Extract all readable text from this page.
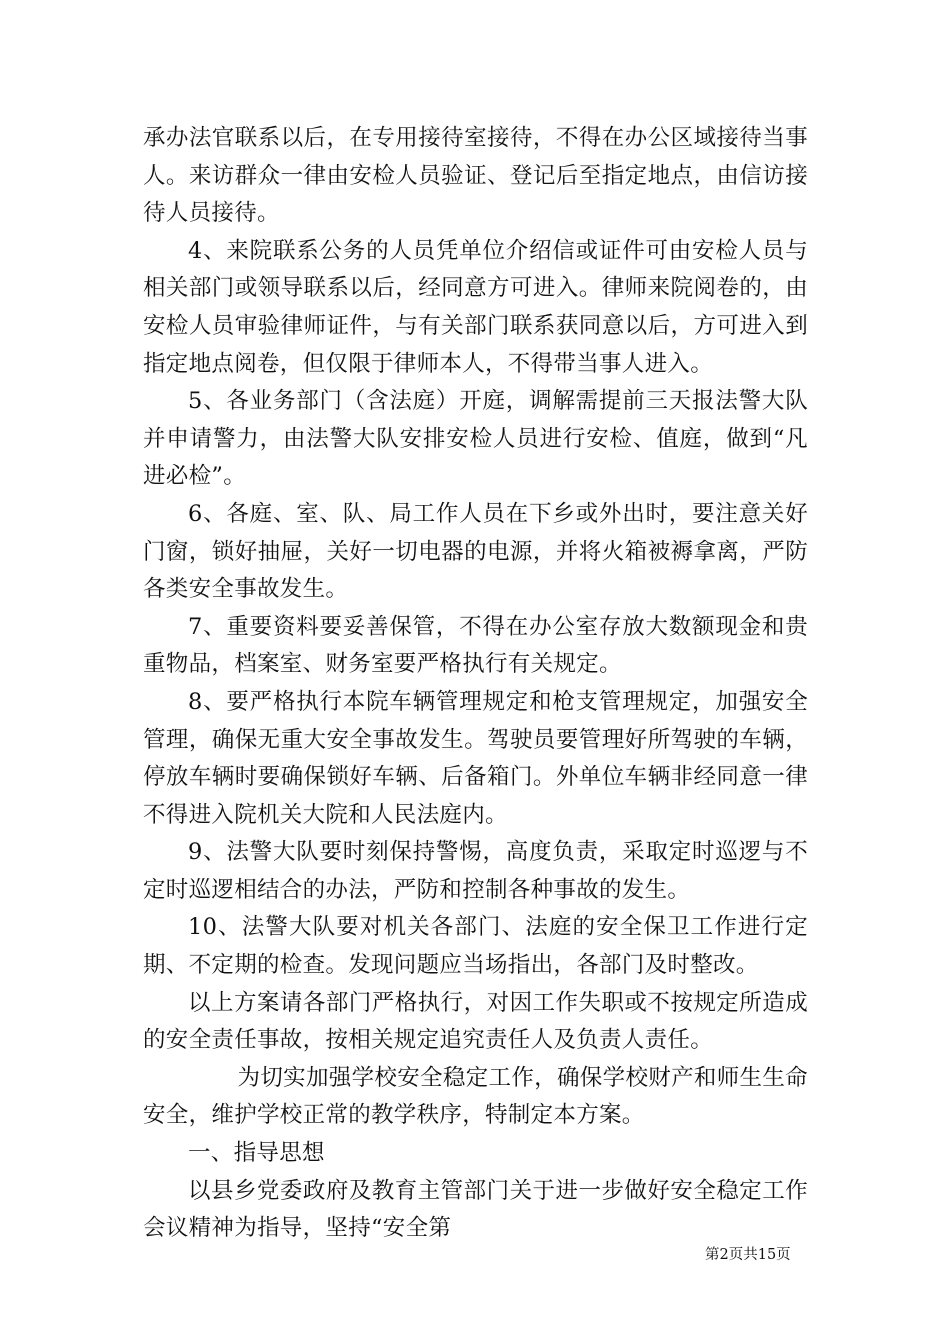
承办法官联系以后，在专用接待室接待，不得在办公区域接待当事人。来访群众一律由安检人员验证、登记后至指定地点，由信访接待人员接待。

4、来院联系公务的人员凭单位介绍信或证件可由安检人员与相关部门或领导联系以后，经同意方可进入。律师来院阅卷的，由安检人员审验律师证件，与有关部门联系获同意以后，方可进入到指定地点阅卷，但仅限于律师本人，不得带当事人进入。

5、各业务部门（含法庭）开庭，调解需提前三天报法警大队并申请警力，由法警大队安排安检人员进行安检、值庭，做到“凡进必检”。

6、各庭、室、队、局工作人员在下乡或外出时，要注意关好门窗，锁好抽屉，关好一切电器的电源，并将火箱被褥拿离，严防各类安全事故发生。

7、重要资料要妥善保管，不得在办公室存放大数额现金和贵重物品，档案室、财务室要严格执行有关规定。

8、要严格执行本院车辆管理规定和枪支管理规定，加强安全管理，确保无重大安全事故发生。驾驶员要管理好所驾驶的车辆，停放车辆时要确保锁好车辆、后备箱门。外单位车辆非经同意一律不得进入院机关大院和人民法庭内。

9、法警大队要时刻保持警惕，高度负责，采取定时巡逻与不定时巡逻相结合的办法，严防和控制各种事故的发生。

10、法警大队要对机关各部门、法庭的安全保卫工作进行定期、不定期的检查。发现问题应当场指出，各部门及时整改。

以上方案请各部门严格执行，对因工作失职或不按规定所造成的安全责任事故，按相关规定追究责任人及负责人责任。

为切实加强学校安全稳定工作，确保学校财产和师生生命安全，维护学校正常的教学秩序，特制定本方案。

一、指导思想

以县乡党委政府及教育主管部门关于进一步做好安全稳定工作会议精神为指导，坚持“安全第

第2页共15页
